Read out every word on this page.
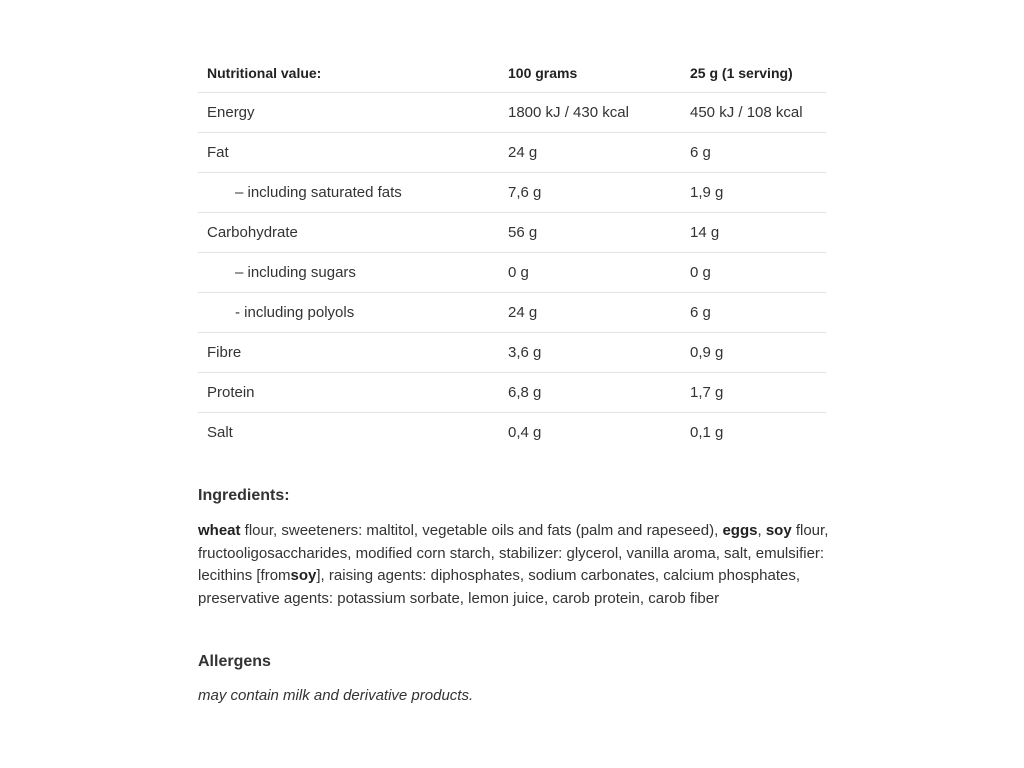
Nutritional value:	100 grams	25 g (1 serving)
Energy	1800 kJ / 430 kcal	450 kJ / 108 kcal
Fat	24 g	6 g
– including saturated fats	7,6 g	1,9 g
Carbohydrate	56 g	14 g
– including sugars	0 g	0 g
- including polyols	24 g	6 g
Fibre	3,6 g	0,9 g
Protein	6,8 g	1,7 g
Salt	0,4 g	0,1 g
Ingredients:

wheat flour, sweeteners: maltitol, vegetable oils and fats (palm and rapeseed), eggs, soy flour, fructooligosaccharides, modified corn starch, stabilizer: glycerol, vanilla aroma, salt, emulsifier: lecithins [fromsoy], raising agents: diphosphates, sodium carbonates, calcium phosphates, preservative agents: potassium sorbate, lemon juice, carob protein, carob fiber

Allergens

may contain milk and derivative products.
